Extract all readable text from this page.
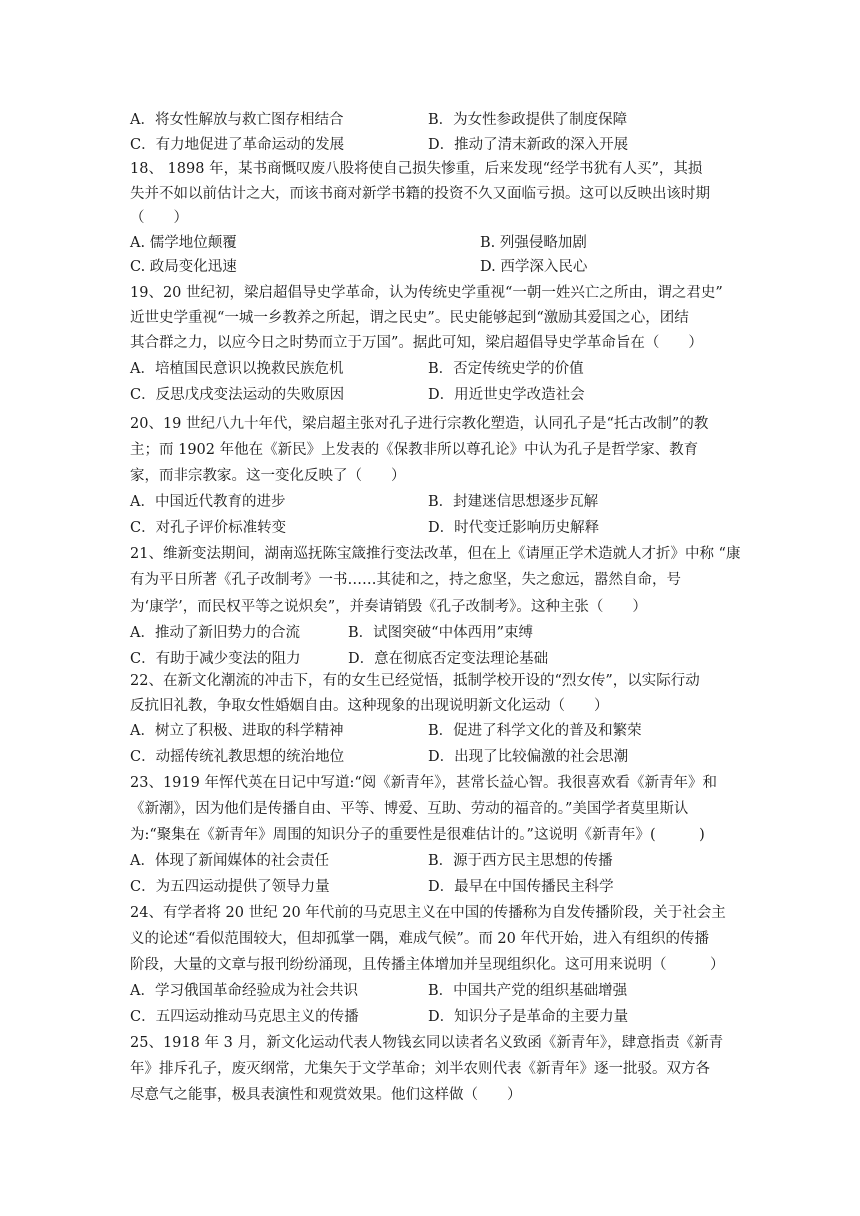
A．将女性解放与救亡图存相结合	B．为女性参政提供了制度保障
C．有力地促进了革命运动的发展	D．推动了清末新政的深入开展
18、 1898 年，某书商慨叹废八股将使自己损失惨重，后来发现“经学书犹有人买”，其损
失并不如以前估计之大，而该书商对新学书籍的投资不久又面临亏损。这可以反映出该时期
（　　）
A. 儒学地位颠覆	B. 列强侵略加剧
C. 政局变化迅速	D. 西学深入民心
19、20 世纪初，梁启超倡导史学革命，认为传统史学重视“一朝一姓兴亡之所由，谓之君史”
近世史学重视“一城一乡教养之所起，谓之民史”。民史能够起到“激励其爱国之心，团结
其合群之力，以应今日之时势而立于万国”。据此可知，梁启超倡导史学革命旨在（　　）
A．培植国民意识以挽救民族危机	B．否定传统史学的价值
C．反思戊戌变法运动的失败原因	D．用近世史学改造社会
20、19 世纪八九十年代，梁启超主张对孔子进行宗教化塑造，认同孔子是“托古改制”的教
主；而 1902 年他在《新民》上发表的《保教非所以尊孔论》中认为孔子是哲学家、教育
家，而非宗教家。这一变化反映了（　　）
A．中国近代教育的进步	B．封建迷信思想逐步瓦解
C．对孔子评价标准转变	D．时代变迁影响历史解释
21、维新变法期间，湖南巡抚陈宝箴推行变法改革，但在上《请厘正学术造就人才折》中称 “康
有为平日所著《孔子改制考》一书……其徒和之，持之愈坚，失之愈远，嚣然自命，号
为‘康学’，而民权平等之说炽矣”，并奏请销毁《孔子改制考》。这种主张（　　）
A．推动了新旧势力的合流	B．试图突破“中体西用”束缚
C．有助于减少变法的阻力	D．意在彻底否定变法理论基础
22、在新文化潮流的冲击下，有的女生已经觉悟，抵制学校开设的“烈女传”，以实际行动
反抗旧礼教，争取女性婚姻自由。这种现象的出现说明新文化运动（　　）
A．树立了积极、进取的科学精神	B．促进了科学文化的普及和繁荣
C．动摇传统礼教思想的统治地位	D．出现了比较偏激的社会思潮
23、1919 年恽代英在日记中写道:“阅《新青年》，甚常长益心智。我很喜欢看《新青年》和
《新潮》，因为他们是传播自由、平等、博爱、互助、劳动的福音的。”美国学者莫里斯认
为:“聚集在《新青年》周围的知识分子的重要性是很难估计的。”这说明《新青年》(　　　)
A．体现了新闻媒体的社会责任	B．源于西方民主思想的传播
C．为五四运动提供了领导力量	D．最早在中国传播民主科学
24、有学者将 20 世纪 20 年代前的马克思主义在中国的传播称为自发传播阶段，关于社会主
义的论述“看似范围较大，但却孤掌一隅，难成气候”。而 20 年代开始，进入有组织的传播
阶段，大量的文章与报刊纷纷涌现，且传播主体增加并呈现组织化。这可用来说明（　　　）
A．学习俄国革命经验成为社会共识	B．中国共产党的组织基础增强
C．五四运动推动马克思主义的传播	D．知识分子是革命的主要力量
25、1918 年 3 月，新文化运动代表人物钱玄同以读者名义致函《新青年》，肆意指责《新青
年》排斥孔子，废灭纲常，尤集矢于文学革命；刘半农则代表《新青年》逐一批驳。双方各
尽意气之能事，极具表演性和观赏效果。他们这样做（　　）
